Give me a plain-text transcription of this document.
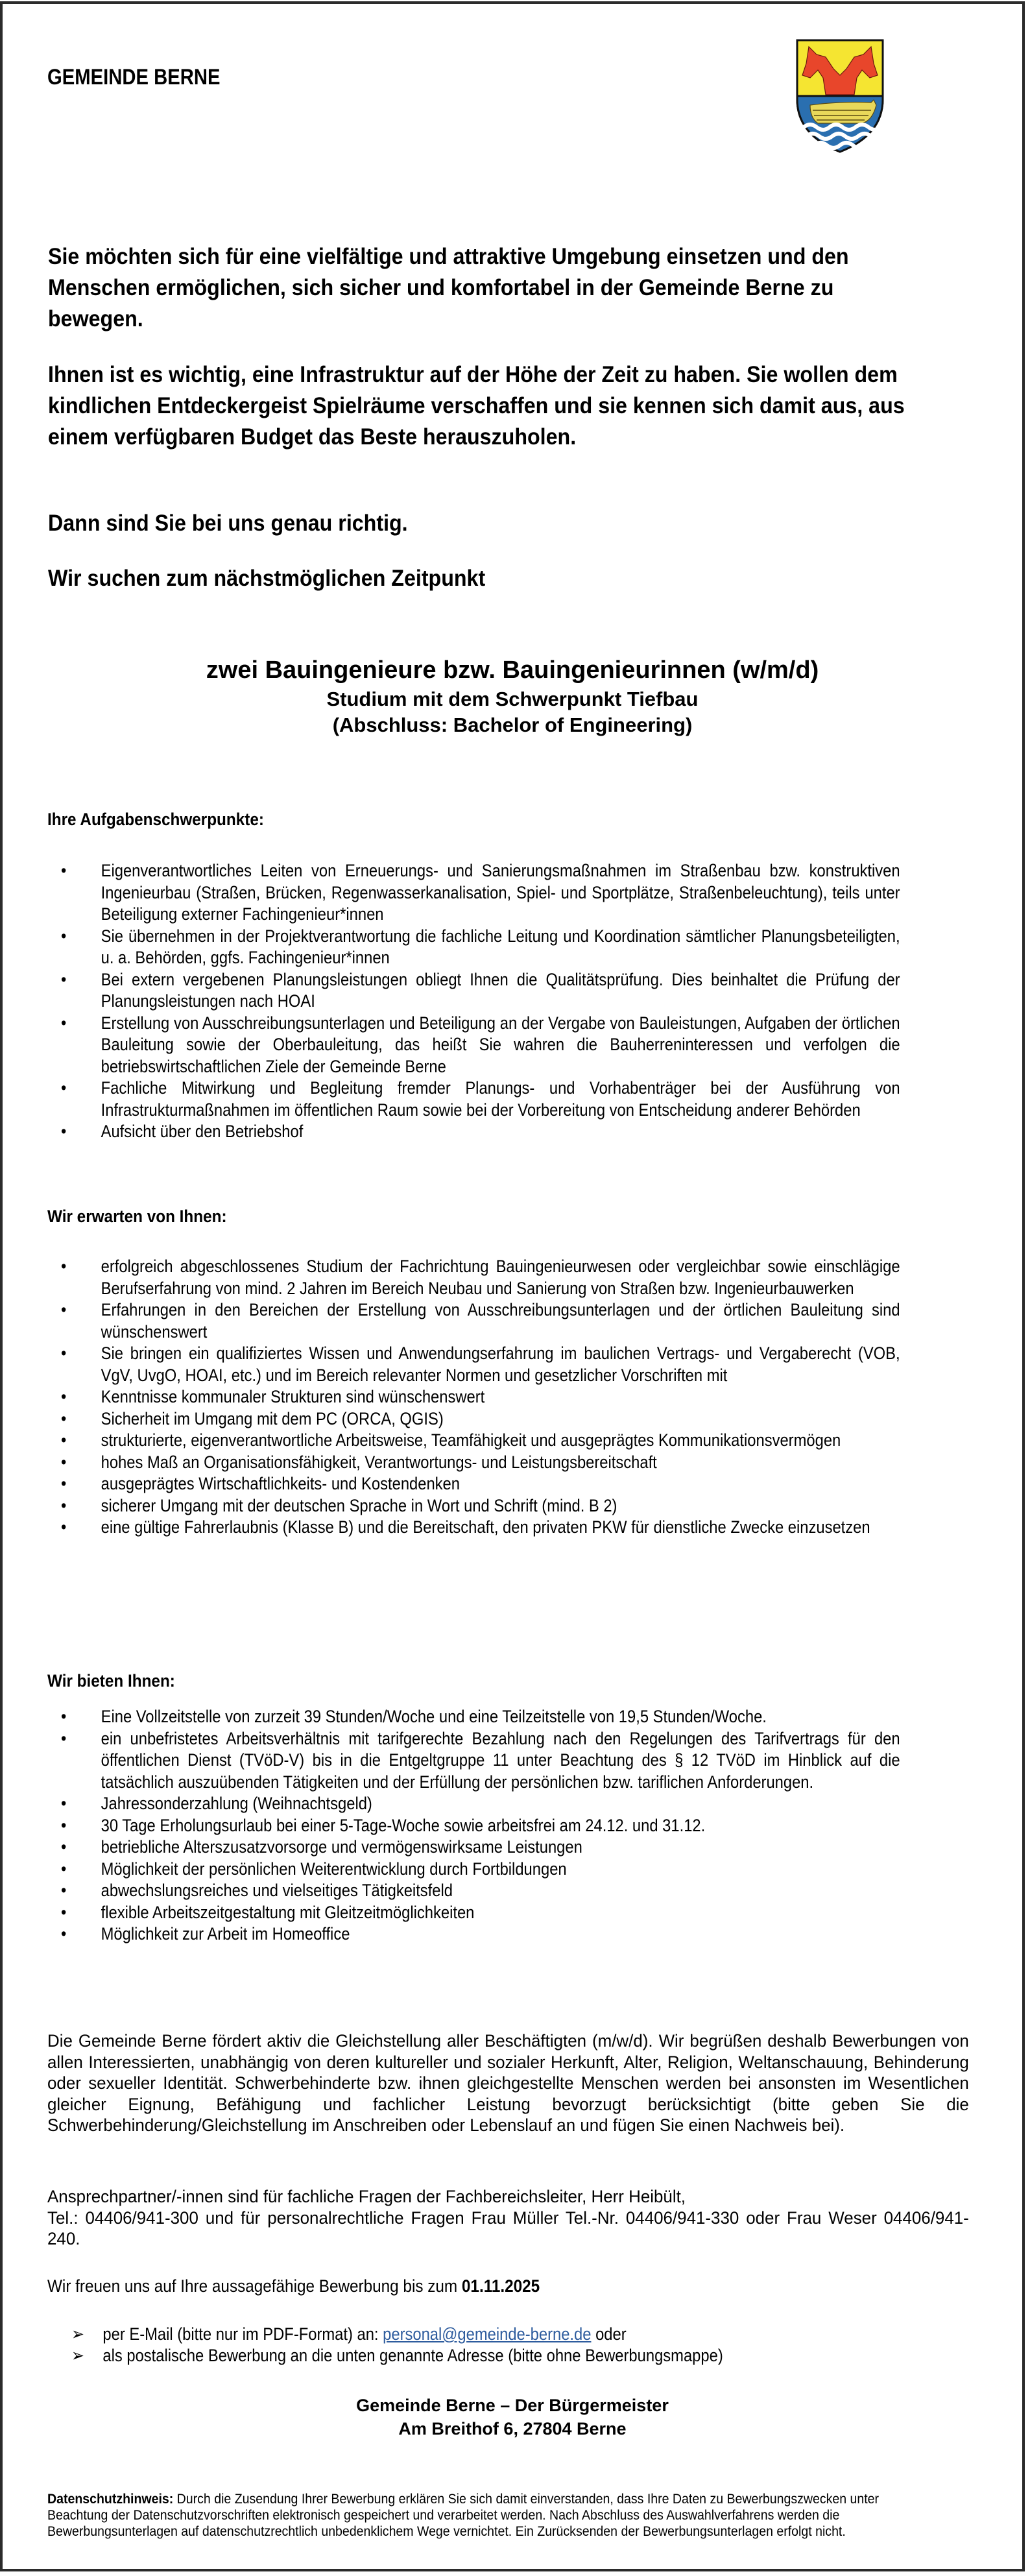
GEMEINDE BERNE
Sie möchten sich für eine vielfältige und attraktive Umgebung einsetzen und den Menschen ermöglichen, sich sicher und komfortabel in der Gemeinde Berne zu bewegen.
Ihnen ist es wichtig, eine Infrastruktur auf der Höhe der Zeit zu haben. Sie wollen dem kindlichen Entdeckergeist Spielräume verschaffen und sie kennen sich damit aus, aus einem verfügbaren Budget das Beste herauszuholen.
Dann sind Sie bei uns genau richtig.
Wir suchen zum nächstmöglichen Zeitpunkt
zwei Bauingenieure bzw. Bauingenieurinnen (w/m/d)
Studium mit dem Schwerpunkt Tiefbau
(Abschluss: Bachelor of Engineering)
Ihre Aufgabenschwerpunkte:
• Eigenverantwortliches Leiten von Erneuerungs- und Sanierungsmaßnahmen im Straßenbau bzw. konstruktiven Ingenieurbau (Straßen, Brücken, Regenwasserkanalisation, Spiel- und Sportplätze, Straßenbeleuchtung), teils unter Beteiligung externer Fachingenieur*innen
• Sie übernehmen in der Projektverantwortung die fachliche Leitung und Koordination sämtlicher Planungsbeteiligten, u. a. Behörden, ggfs. Fachingenieur*innen
• Bei extern vergebenen Planungsleistungen obliegt Ihnen die Qualitätsprüfung. Dies beinhaltet die Prüfung der Planungsleistungen nach HOAI
• Erstellung von Ausschreibungsunterlagen und Beteiligung an der Vergabe von Bauleistungen, Aufgaben der örtlichen Bauleitung sowie der Oberbauleitung, das heißt Sie wahren die Bauherreninteressen und verfolgen die betriebswirtschaftlichen Ziele der Gemeinde Berne
• Fachliche Mitwirkung und Begleitung fremder Planungs- und Vorhabenträger bei der Ausführung von Infrastrukturmaßnahmen im öffentlichen Raum sowie bei der Vorbereitung von Entscheidung anderer Behörden
• Aufsicht über den Betriebshof
Wir erwarten von Ihnen:
• erfolgreich abgeschlossenes Studium der Fachrichtung Bauingenieurwesen oder vergleichbar sowie einschlägige Berufserfahrung von mind. 2 Jahren im Bereich Neubau und Sanierung von Straßen bzw. Ingenieurbauwerken
• Erfahrungen in den Bereichen der Erstellung von Ausschreibungsunterlagen und der örtlichen Bauleitung sind wünschenswert
• Sie bringen ein qualifiziertes Wissen und Anwendungserfahrung im baulichen Vertrags- und Vergaberecht (VOB, VgV, UvgO, HOAI, etc.) und im Bereich relevanter Normen und gesetzlicher Vorschriften mit
• Kenntnisse kommunaler Strukturen sind wünschenswert
• Sicherheit im Umgang mit dem PC (ORCA, QGIS)
• strukturierte, eigenverantwortliche Arbeitsweise, Teamfähigkeit und ausgeprägtes Kommunikationsvermögen
• hohes Maß an Organisationsfähigkeit, Verantwortungs- und Leistungsbereitschaft
• ausgeprägtes Wirtschaftlichkeits- und Kostendenken
• sicherer Umgang mit der deutschen Sprache in Wort und Schrift (mind. B 2)
• eine gültige Fahrerlaubnis (Klasse B) und die Bereitschaft, den privaten PKW für dienstliche Zwecke einzusetzen
Wir bieten Ihnen:
• Eine Vollzeitstelle von zurzeit 39 Stunden/Woche und eine Teilzeitstelle von 19,5 Stunden/Woche.
• ein unbefristetes Arbeitsverhältnis mit tarifgerechte Bezahlung nach den Regelungen des Tarifvertrags für den öffentlichen Dienst (TVöD-V) bis in die Entgeltgruppe 11 unter Beachtung des § 12 TVöD im Hinblick auf die tatsächlich auszuübenden Tätigkeiten und der Erfüllung der persönlichen bzw. tariflichen Anforderungen.
• Jahressonderzahlung (Weihnachtsgeld)
• 30 Tage Erholungsurlaub bei einer 5-Tage-Woche sowie arbeitsfrei am 24.12. und 31.12.
• betriebliche Alterszusatzvorsorge und vermögenswirksame Leistungen
• Möglichkeit der persönlichen Weiterentwicklung durch Fortbildungen
• abwechslungsreiches und vielseitiges Tätigkeitsfeld
• flexible Arbeitszeitgestaltung mit Gleitzeitmöglichkeiten
• Möglichkeit zur Arbeit im Homeoffice
Die Gemeinde Berne fördert aktiv die Gleichstellung aller Beschäftigten (m/w/d). Wir begrüßen deshalb Bewerbungen von allen Interessierten, unabhängig von deren kultureller und sozialer Herkunft, Alter, Religion, Weltanschauung, Behinderung oder sexueller Identität. Schwerbehinderte bzw. ihnen gleichgestellte Menschen werden bei ansonsten im Wesentlichen gleicher Eignung, Befähigung und fachlicher Leistung bevorzugt berücksichtigt (bitte geben Sie die Schwerbehinderung/Gleichstellung im Anschreiben oder Lebenslauf an und fügen Sie einen Nachweis bei).
Ansprechpartner/-innen sind für fachliche Fragen der Fachbereichsleiter, Herr Heibült,
Tel.: 04406/941-300 und für personalrechtliche Fragen Frau Müller Tel.-Nr. 04406/941-330 oder Frau Weser 04406/941-240.
Wir freuen uns auf Ihre aussagefähige Bewerbung bis zum 01.11.2025
➢ per E-Mail (bitte nur im PDF-Format) an: personal@gemeinde-berne.de oder
➢ als postalische Bewerbung an die unten genannte Adresse (bitte ohne Bewerbungsmappe)
Gemeinde Berne – Der Bürgermeister
Am Breithof 6, 27804 Berne
Datenschutzhinweis: Durch die Zusendung Ihrer Bewerbung erklären Sie sich damit einverstanden, dass Ihre Daten zu Bewerbungszwecken unter Beachtung der Datenschutzvorschriften elektronisch gespeichert und verarbeitet werden. Nach Abschluss des Auswahlverfahrens werden die Bewerbungsunterlagen auf datenschutzrechtlich unbedenklichem Wege vernichtet. Ein Zurücksenden der Bewerbungsunterlagen erfolgt nicht.
